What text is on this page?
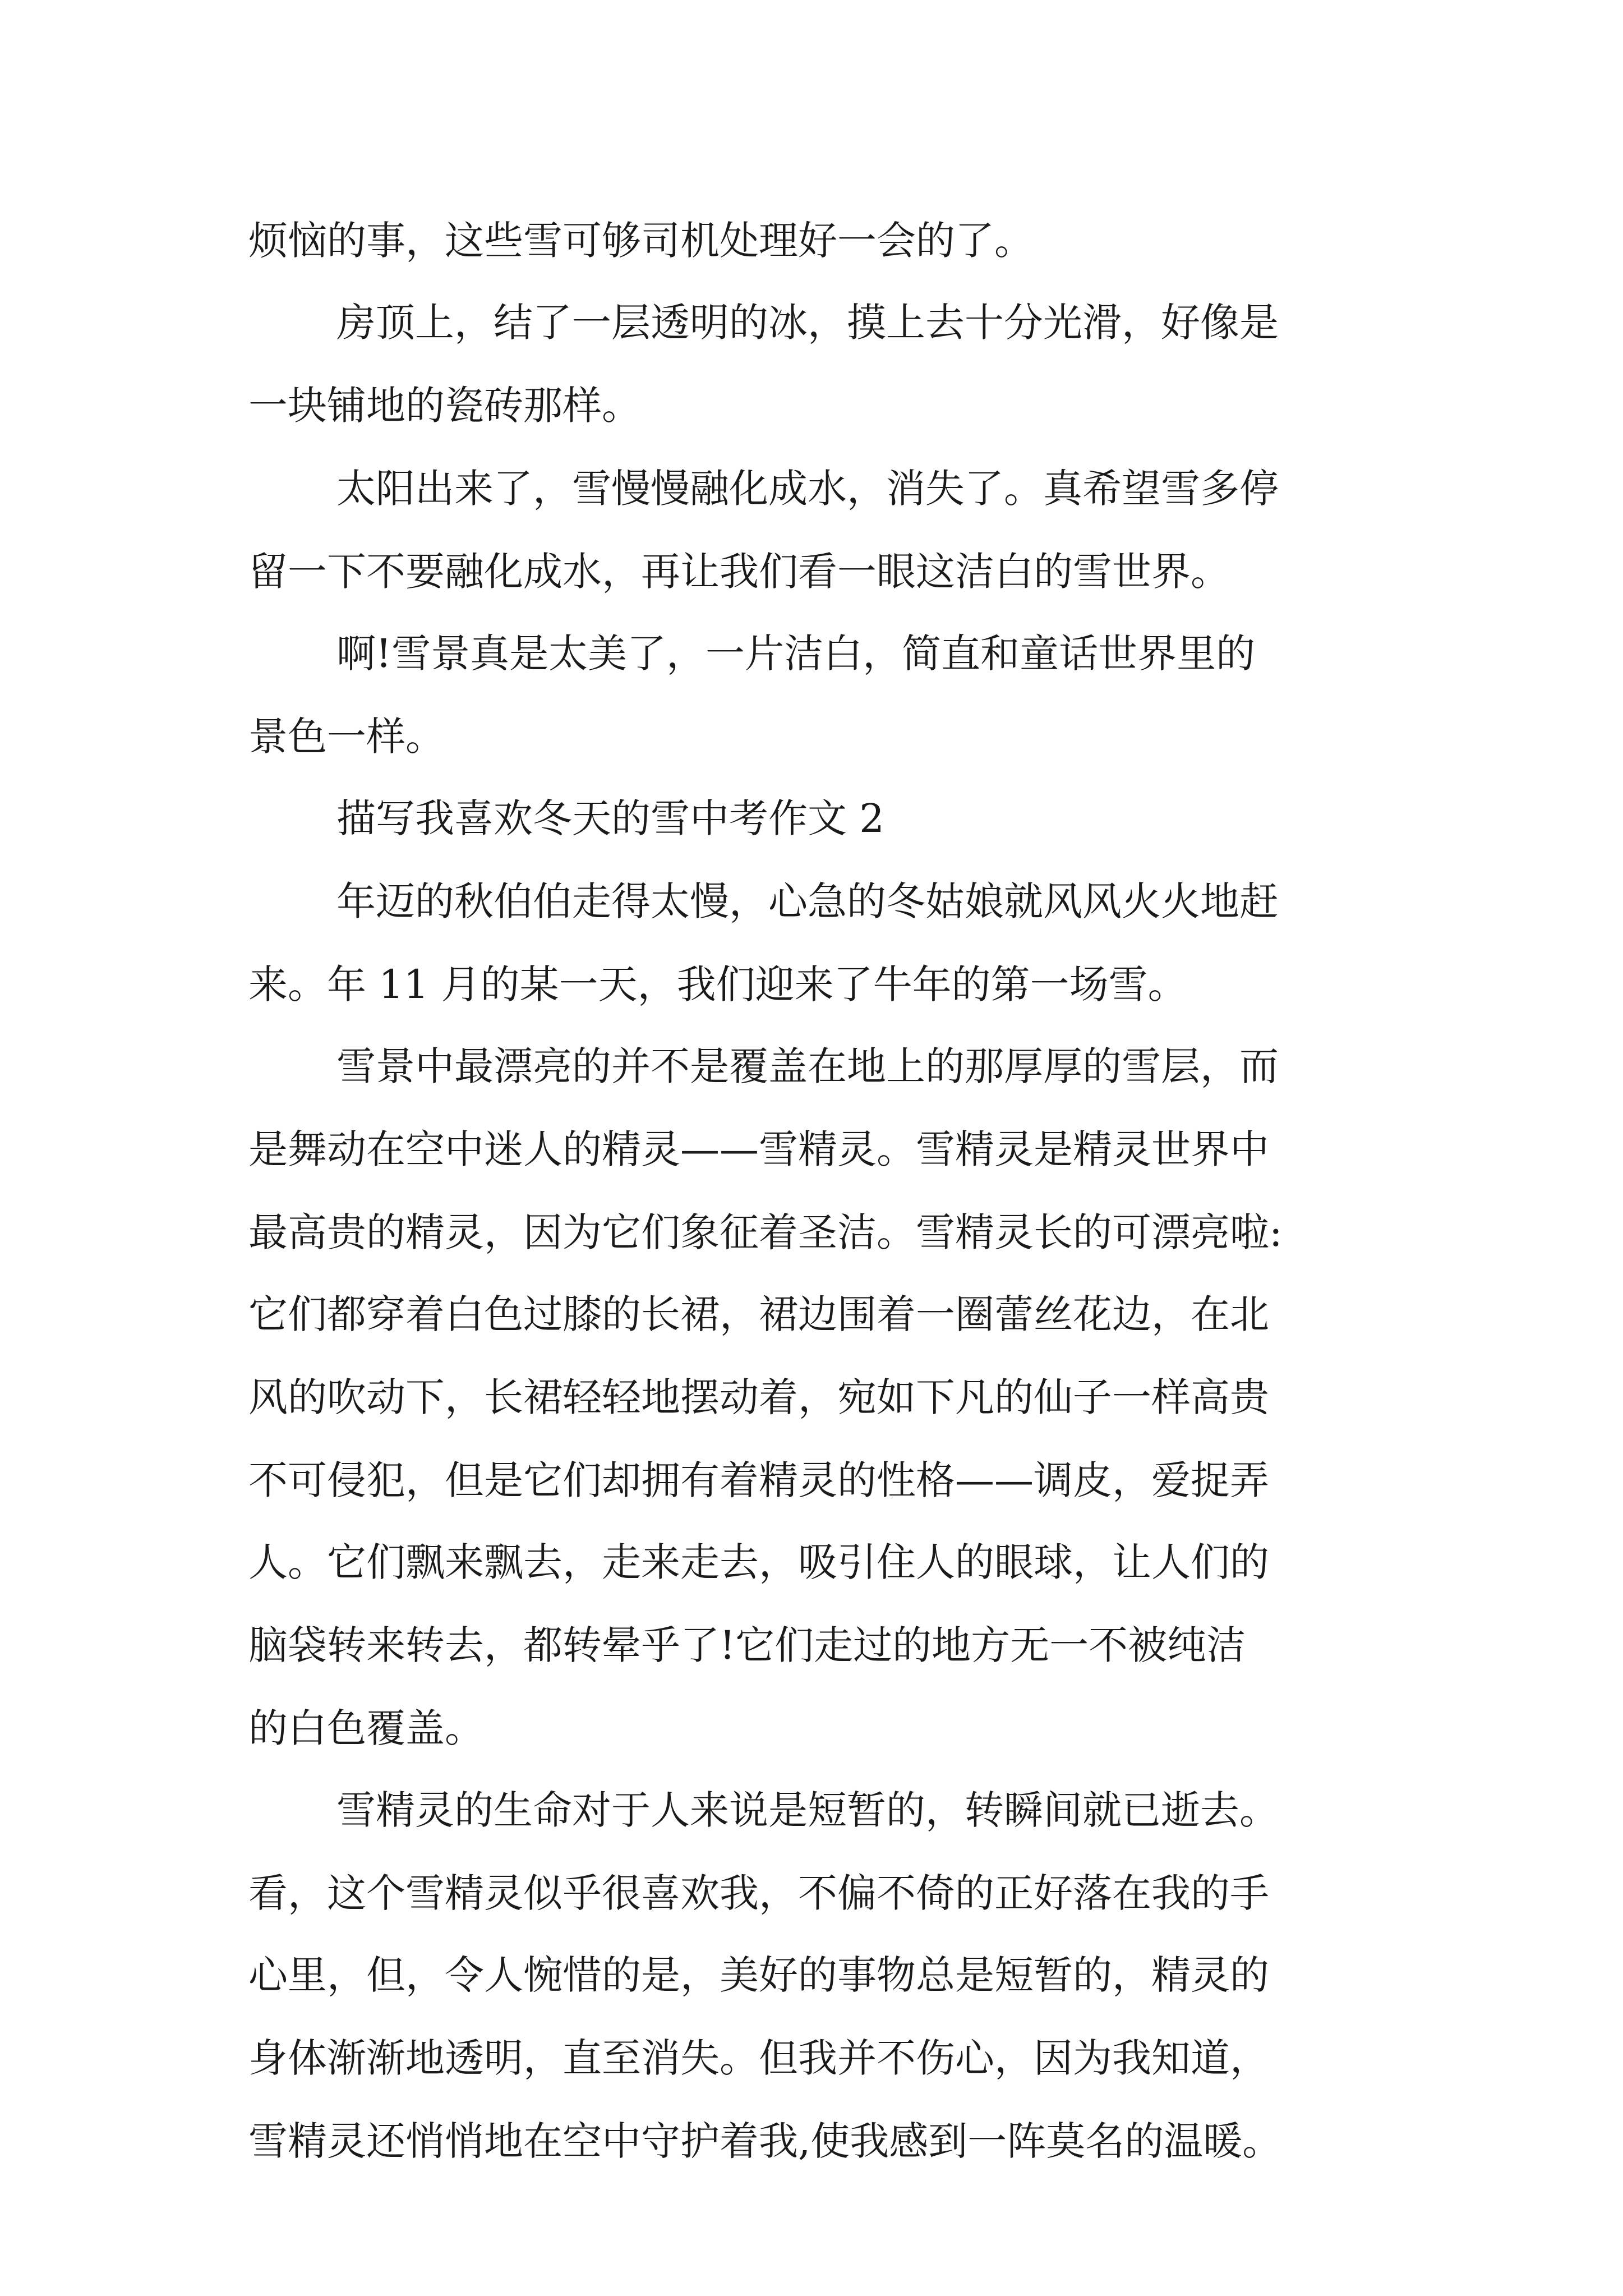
烦恼的事，这些雪可够司机处理好一会的了。
房顶上，结了一层透明的冰，摸上去十分光滑，好像是
一块铺地的瓷砖那样。
太阳出来了，雪慢慢融化成水，消失了。真希望雪多停
留一下不要融化成水，再让我们看一眼这洁白的雪世界。
啊!雪景真是太美了，一片洁白，简直和童话世界里的
景色一样。
描写我喜欢冬天的雪中考作文 2
年迈的秋伯伯走得太慢，心急的冬姑娘就风风火火地赶
来。年 11 月的某一天，我们迎来了牛年的第一场雪。
雪景中最漂亮的并不是覆盖在地上的那厚厚的雪层，而
是舞动在空中迷人的精灵——雪精灵。雪精灵是精灵世界中
最高贵的精灵，因为它们象征着圣洁。雪精灵长的可漂亮啦:
它们都穿着白色过膝的长裙，裙边围着一圈蕾丝花边，在北
风的吹动下，长裙轻轻地摆动着，宛如下凡的仙子一样高贵
不可侵犯，但是它们却拥有着精灵的性格——调皮，爱捉弄
人。它们飘来飘去，走来走去，吸引住人的眼球，让人们的
脑袋转来转去，都转晕乎了!它们走过的地方无一不被纯洁
的白色覆盖。
雪精灵的生命对于人来说是短暂的，转瞬间就已逝去。
看，这个雪精灵似乎很喜欢我，不偏不倚的正好落在我的手
心里，但，令人惋惜的是，美好的事物总是短暂的，精灵的
身体渐渐地透明，直至消失。但我并不伤心，因为我知道，
雪精灵还悄悄地在空中守护着我,使我感到一阵莫名的温暖。
